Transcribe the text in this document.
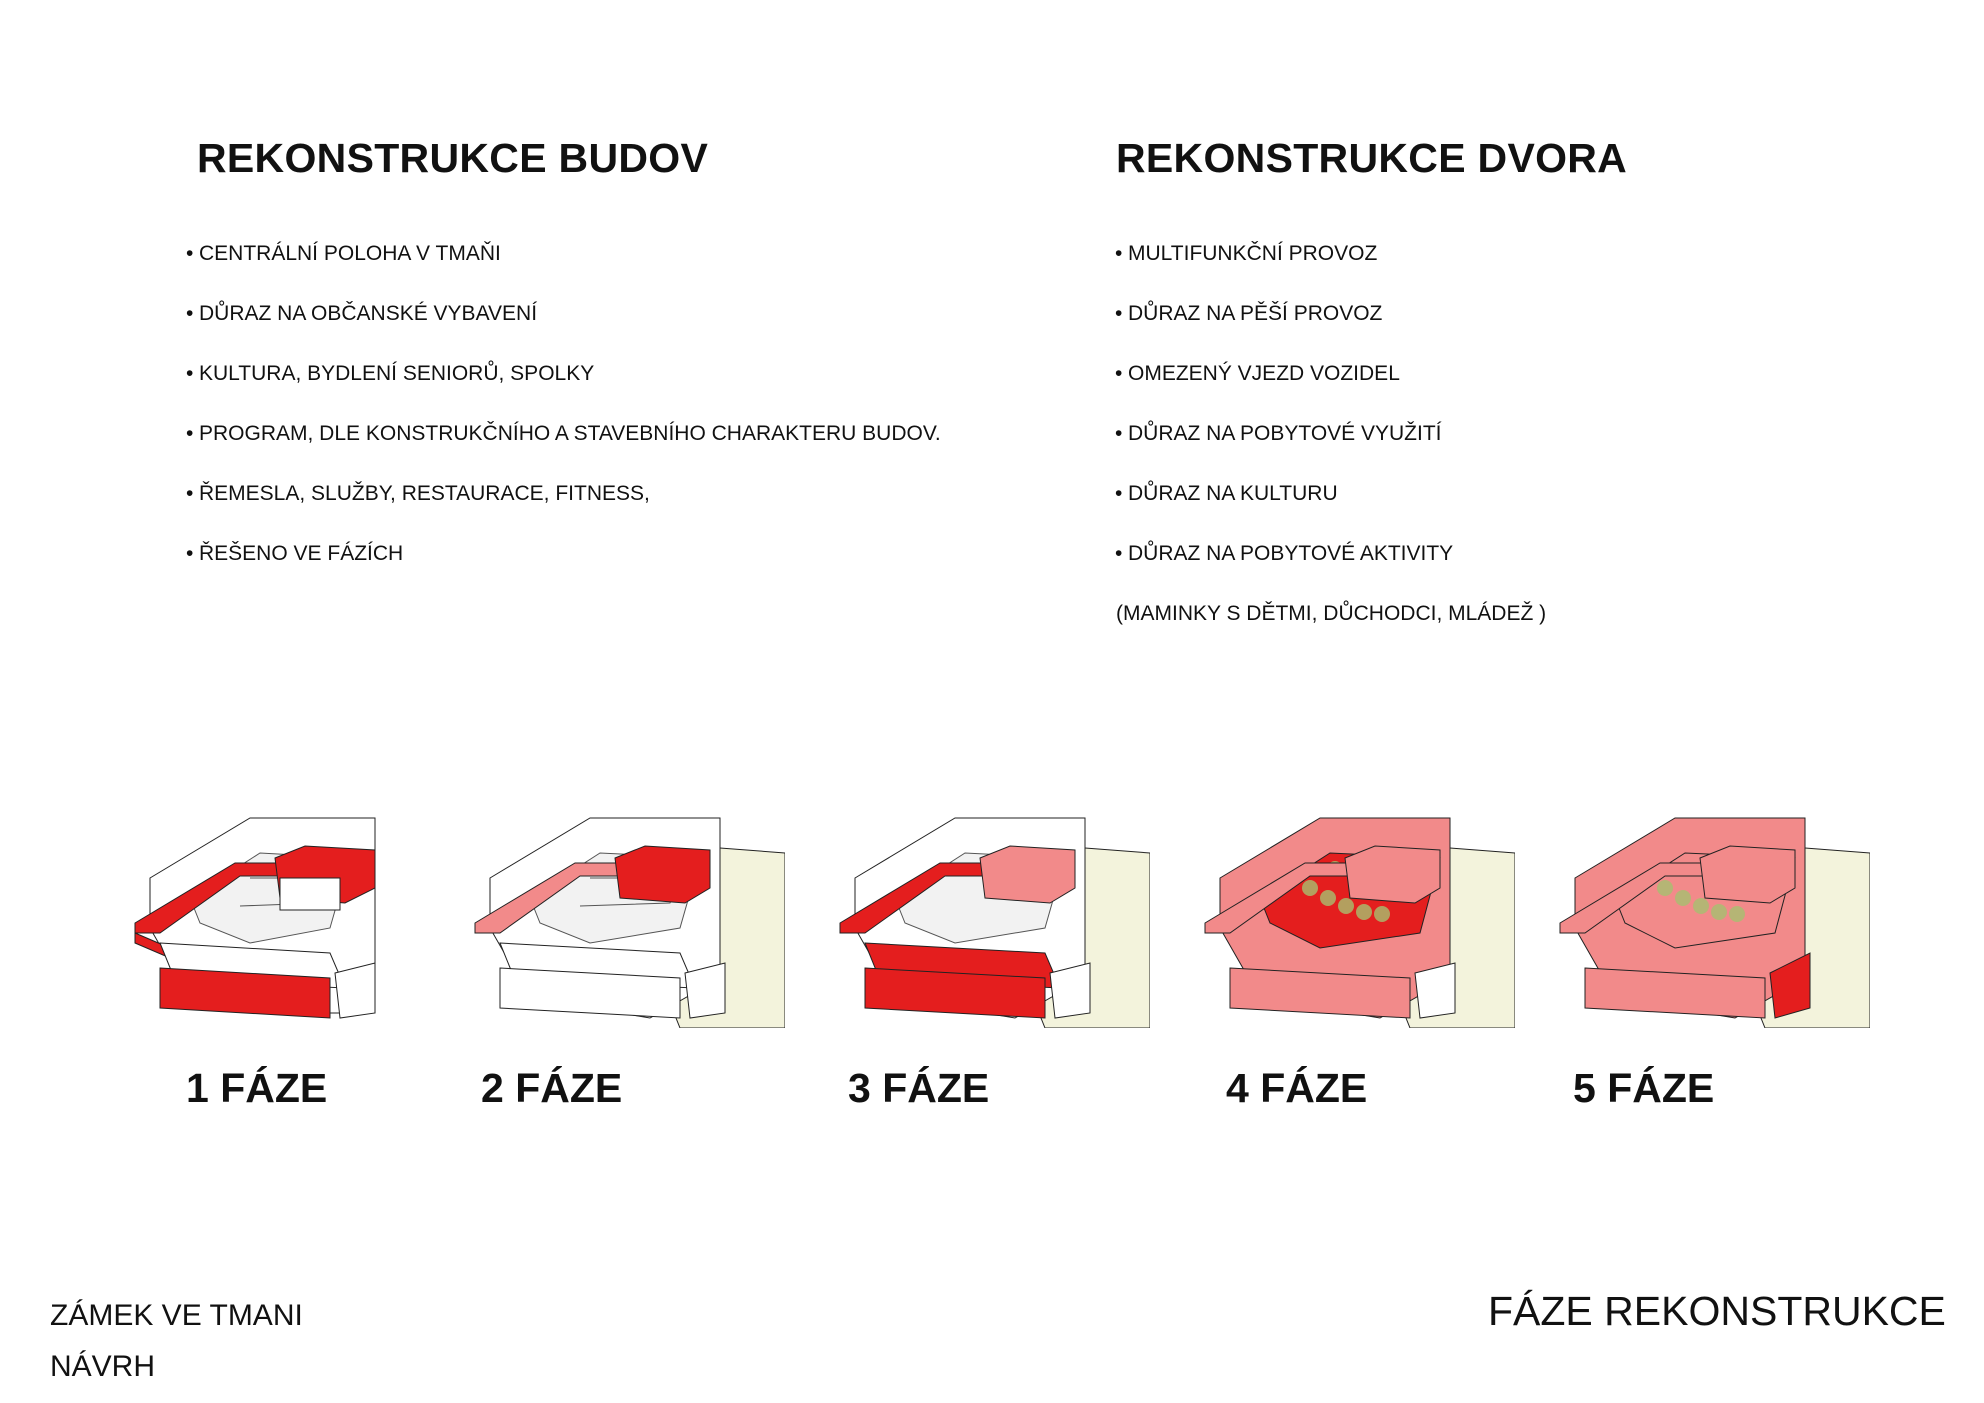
REKONSTRUKCE BUDOV	REKONSTRUKCE DVORA
• CENTRÁLNÍ POLOHA V TMAŇI
• DŮRAZ NA OBČANSKÉ VYBAVENÍ
• KULTURA, BYDLENÍ SENIORŮ, SPOLKY
• PROGRAM, DLE KONSTRUKČNÍHO A STAVEBNÍHO CHARAKTERU BUDOV.
• ŘEMESLA, SLUŽBY, RESTAURACE, FITNESS,
• ŘEŠENO VE FÁZÍCH
• MULTIFUNKČNÍ PROVOZ
• DŮRAZ NA PĚŠÍ PROVOZ
• OMEZENÝ VJEZD VOZIDEL
• DŮRAZ NA POBYTOVÉ VYUŽITÍ
• DŮRAZ NA KULTURU
• DŮRAZ NA POBYTOVÉ AKTIVITY
(MAMINKY S DĚTMI, DŮCHODCI, MLÁDEŽ )
1 FÁZE	2 FÁZE	3 FÁZE	4 FÁZE	5 FÁZE
ZÁMEK VE TMANI
NÁVRH
FÁZE REKONSTRUKCE
